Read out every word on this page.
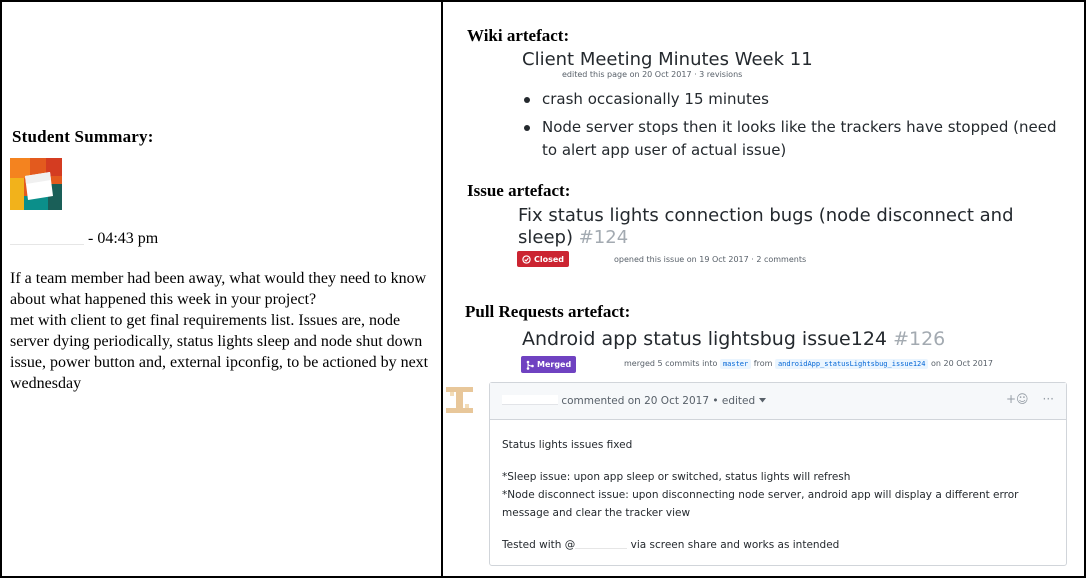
Student Summary:
- 04:43 pm
If a team member had been away, what would they need to know about what happened this week in your project?
met with client to get final requirements list. Issues are, node server dying periodically, status lights sleep and node shut down issue, power button and, external ipconfig, to be actioned by next wednesday
Wiki artefact:
Client Meeting Minutes Week 11
edited this page on 20 Oct 2017 · 3 revisions
crash occasionally 15 minutes
Node server stops then it looks like the trackers have stopped (need to alert app user of actual issue)
Issue artefact:
Fix status lights connection bugs (node disconnect and sleep) #124
Closed	opened this issue on 19 Oct 2017 · 2 comments
Pull Requests artefact:
Android app status lightsbug issue124 #126
Merged	merged 5 commits into master from androidApp_statusLightsbug_issue124 on 20 Oct 2017
commented on 20 Oct 2017 • edited	+☺ ···

Status lights issues fixed

*Sleep issue: upon app sleep or switched, status lights will refresh

*Node disconnect issue: upon disconnecting node server, android app will display a different error message and clear the tracker view

Tested with @	via screen share and works as intended
